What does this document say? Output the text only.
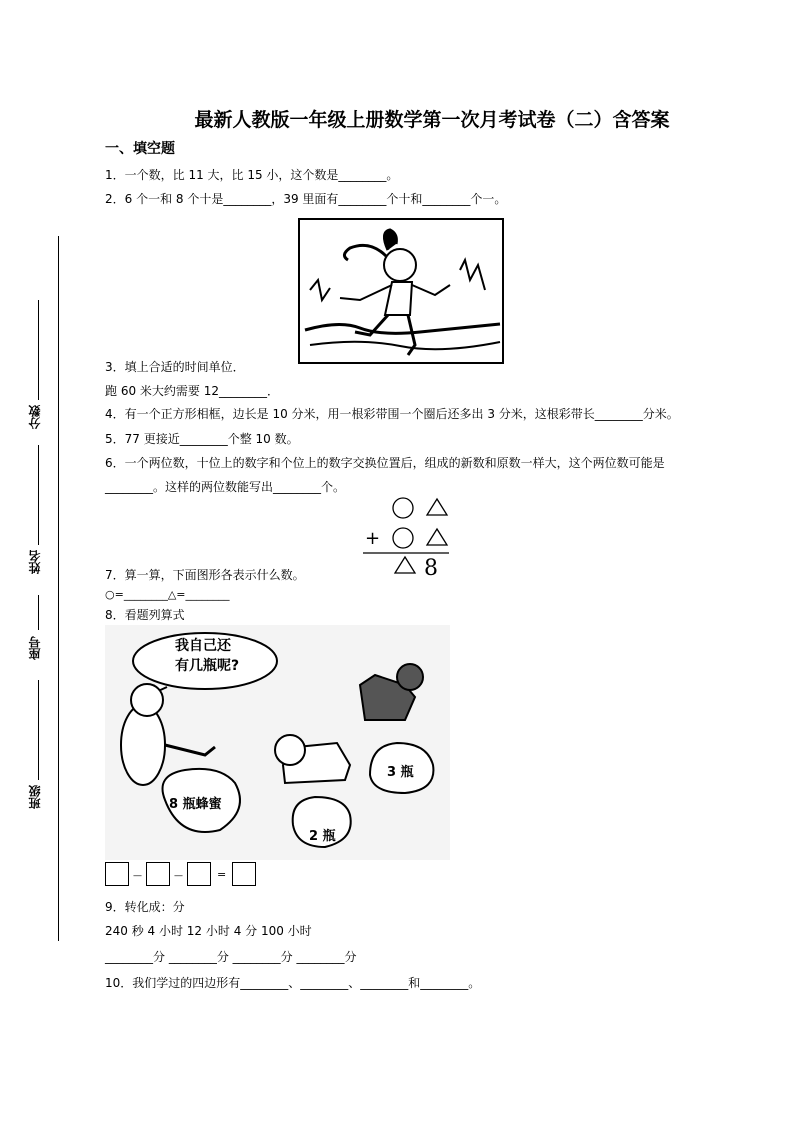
最新人教版一年级上册数学第一次月考试卷（二）含答案
一、填空题
1．一个数，比 11 大，比 15 小，这个数是________。
2．6 个一和 8 个十是________，39 里面有________个十和________个一。
3．填上合适的时间单位．
跑 60 米大约需要 12________．
4．有一个正方形相框，边长是 10 分米，用一根彩带围一个圈后还多出 3 分米，这根彩带长________分米。
5．77 更接近________个整 10 数。
6．一个两位数，十位上的数字和个位上的数字交换位置后，组成的新数和原数一样大，这个两位数可能是
________。这样的两位数能写出________个。
+
8
7．算一算，下面图形各表示什么数。
○=________△=________
8．看题列算式
我自己还
有几瓶呢?
8 瓶蜂蜜
2 瓶
3 瓶
—	—	=
9．转化成：分
240 秒 4 小时 12 小时 4 分 100 小时
________分 ________分 ________分 ________分
10．我们学过的四边形有________、________、________和________。
分数
姓名
座号
班级
